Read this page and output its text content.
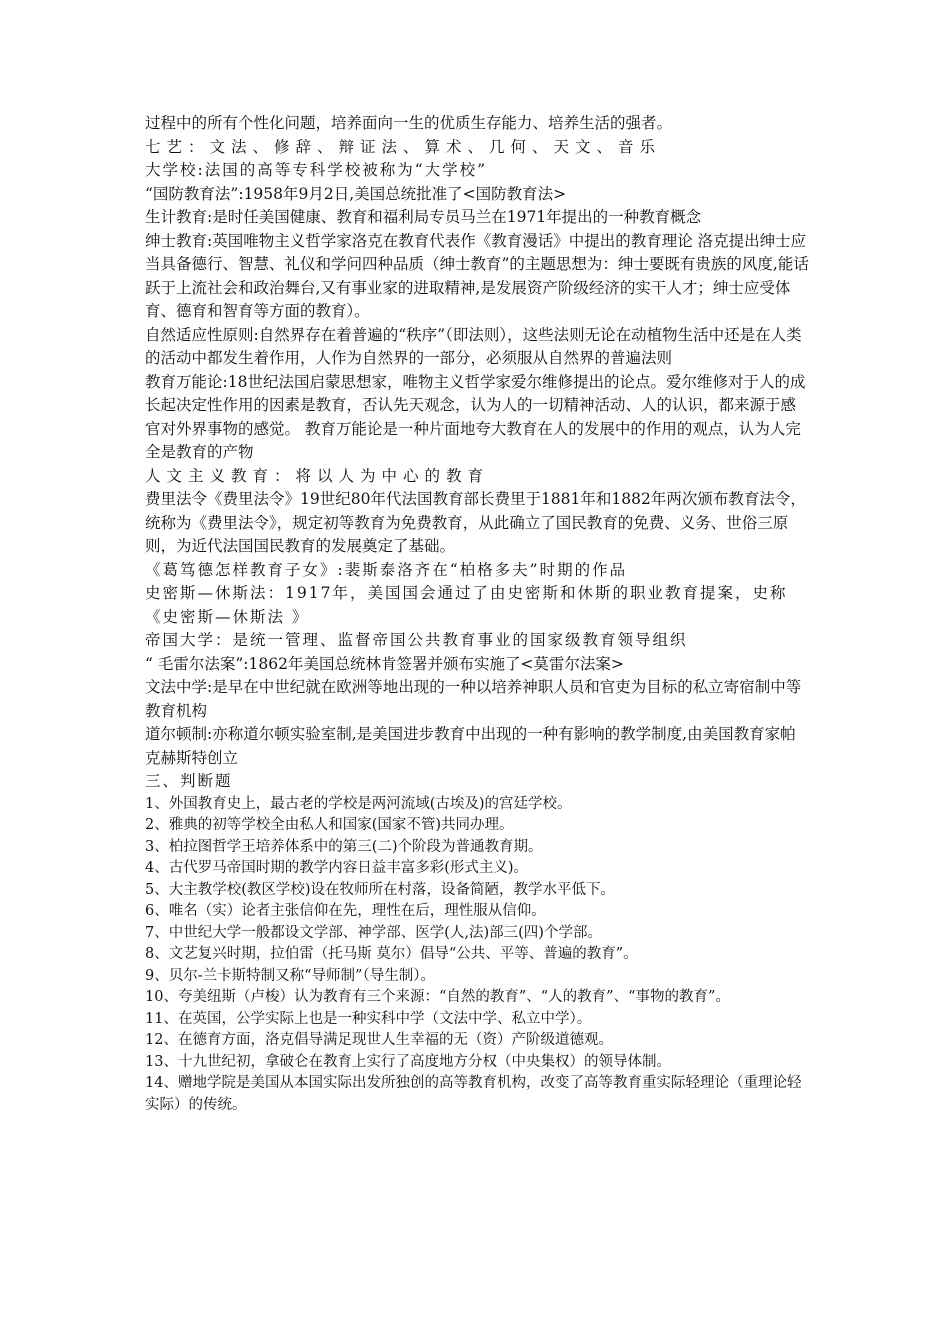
过程中的所有个性化问题，培养面向一生的优质生存能力、培养生活的强者。

七艺：文法、修辞、辩证法、算术、几何、天文、音乐

大学校:法国的高等专科学校被称为“大学校”

“国防教育法”:1958年9月2日,美国总统批准了<国防教育法>

生计教育:是时任美国健康、教育和福利局专员马兰在1971年提出的一种教育概念

绅士教育:英国唯物主义哲学家洛克在教育代表作《教育漫话》中提出的教育理论 洛克提出绅士应当具备德行、智慧、礼仪和学问四种品质（绅士教育”的主题思想为：绅士要既有贵族的风度,能话跃于上流社会和政治舞台,又有事业家的进取精神,是发展资产阶级经济的实干人才；绅士应受体育、德育和智育等方面的教育）。

自然适应性原则:自然界存在着普遍的“秩序”（即法则），这些法则无论在动植物生活中还是在人类的活动中都发生着作用，人作为自然界的一部分，必须服从自然界的普遍法则

教育万能论:18世纪法国启蒙思想家，唯物主义哲学家爱尔维修提出的论点。爱尔维修对于人的成长起决定性作用的因素是教育，否认先天观念，认为人的一切精神活动、人的认识，都来源于感官对外界事物的感觉。 教育万能论是一种片面地夸大教育在人的发展中的作用的观点，认为人完全是教育的产物

人文主义教育：将以人为中心的教育

费里法令《费里法令》19世纪80年代法国教育部长费里于1881年和1882年两次颁布教育法令，统称为《费里法令》，规定初等教育为免费教育，从此确立了国民教育的免费、义务、世俗三原则，为近代法国国民教育的发展奠定了基础。

《葛笃德怎样教育子女》:裴斯泰洛齐在“柏格多夫”时期的作品

史密斯—休斯法：1917年，美国国会通过了由史密斯和休斯的职业教育提案，史称《史密斯—休斯法 》

帝国大学：是统一管理、监督帝国公共教育事业的国家级教育领导组织

“ 毛雷尔法案”:1862年美国总统林肯签署并颁布实施了<莫雷尔法案>

文法中学:是早在中世纪就在欧洲等地出现的一种以培养神职人员和官吏为目标的私立寄宿制中等教育机构

道尔顿制:亦称道尔顿实验室制,是美国进步教育中出现的一种有影响的教学制度,由美国教育家帕克赫斯特创立

三、判断题

1、外国教育史上，最古老的学校是两河流域(古埃及)的宫廷学校。
2、雅典的初等学校全由私人和国家(国家不管)共同办理。
3、柏拉图哲学王培养体系中的第三(二)个阶段为普通教育期。
4、古代罗马帝国时期的教学内容日益丰富多彩(形式主义)。
5、大主教学校(教区学校)设在牧师所在村落，设备简陋，教学水平低下。
6、唯名（实）论者主张信仰在先，理性在后，理性服从信仰。
7、中世纪大学一般都设文学部、神学部、医学(人,法)部三(四)个学部。
8、文艺复兴时期，拉伯雷（托马斯 莫尔）倡导“公共、平等、普遍的教育”。
9、贝尔-兰卡斯特制又称“导师制”（导生制）。
10、夸美纽斯（卢梭）认为教育有三个来源：“自然的教育”、“人的教育”、“事物的教育”。
11、在英国，公学实际上也是一种实科中学（文法中学、私立中学）。
12、在德育方面，洛克倡导满足现世人生幸福的无（资）产阶级道德观。
13、十九世纪初，拿破仑在教育上实行了高度地方分权（中央集权）的领导体制。
14、赠地学院是美国从本国实际出发所独创的高等教育机构，改变了高等教育重实际轻理论（重理论轻实际）的传统。
